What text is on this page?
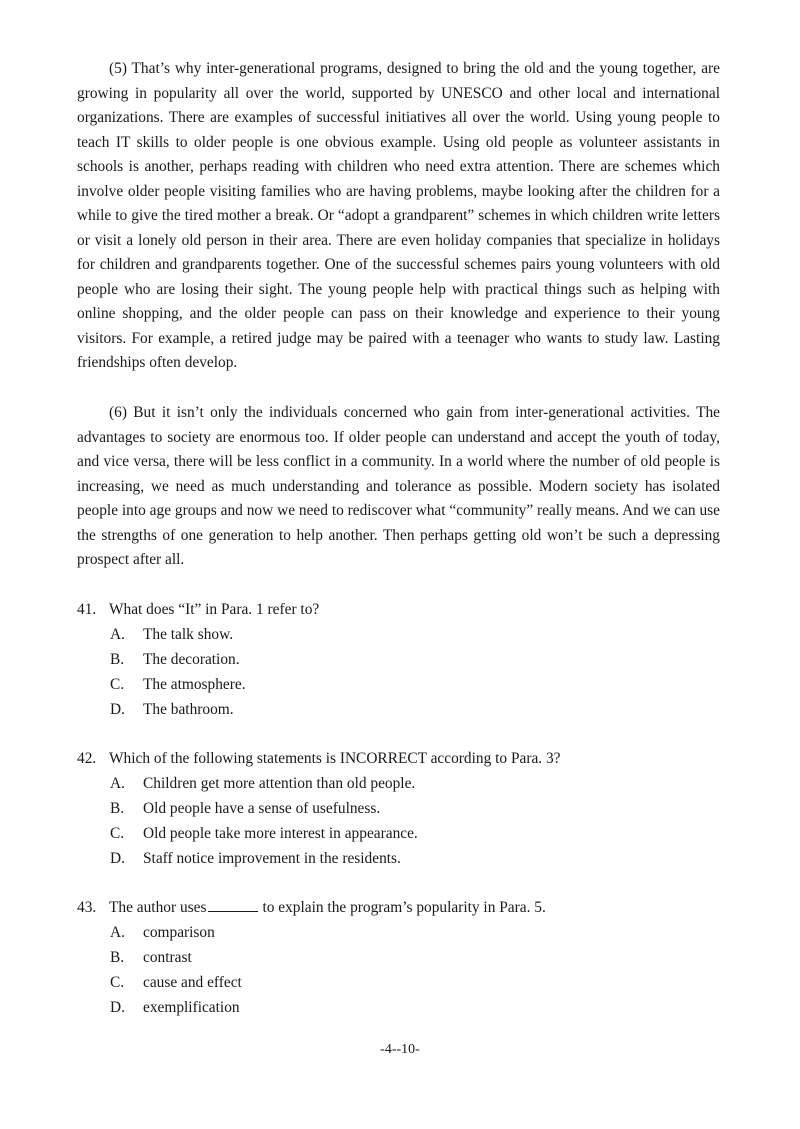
(5) That’s why inter-generational programs, designed to bring the old and the young together, are growing in popularity all over the world, supported by UNESCO and other local and international organizations. There are examples of successful initiatives all over the world. Using young people to teach IT skills to older people is one obvious example. Using old people as volunteer assistants in schools is another, perhaps reading with children who need extra attention. There are schemes which involve older people visiting families who are having problems, maybe looking after the children for a while to give the tired mother a break. Or “adopt a grandparent” schemes in which children write letters or visit a lonely old person in their area. There are even holiday companies that specialize in holidays for children and grandparents together. One of the successful schemes pairs young volunteers with old people who are losing their sight. The young people help with practical things such as helping with online shopping, and the older people can pass on their knowledge and experience to their young visitors. For example, a retired judge may be paired with a teenager who wants to study law. Lasting friendships often develop.

(6) But it isn’t only the individuals concerned who gain from inter-generational activities. The advantages to society are enormous too. If older people can understand and accept the youth of today, and vice versa, there will be less conflict in a community. In a world where the number of old people is increasing, we need as much understanding and tolerance as possible. Modern society has isolated people into age groups and now we need to rediscover what “community” really means. And we can use the strengths of one generation to help another. Then perhaps getting old won’t be such a depressing prospect after all.

41. What does “It” in Para. 1 refer to?
A. The talk show.
B. The decoration.
C. The atmosphere.
D. The bathroom.
42. Which of the following statements is INCORRECT according to Para. 3?
A. Children get more attention than old people.
B. Old people have a sense of usefulness.
C. Old people take more interest in appearance.
D. Staff notice improvement in the residents.
43. The author uses	to explain the program’s popularity in Para. 5.
A. comparison
B. contrast
C. cause and effect
D. exemplification
-4--10-
